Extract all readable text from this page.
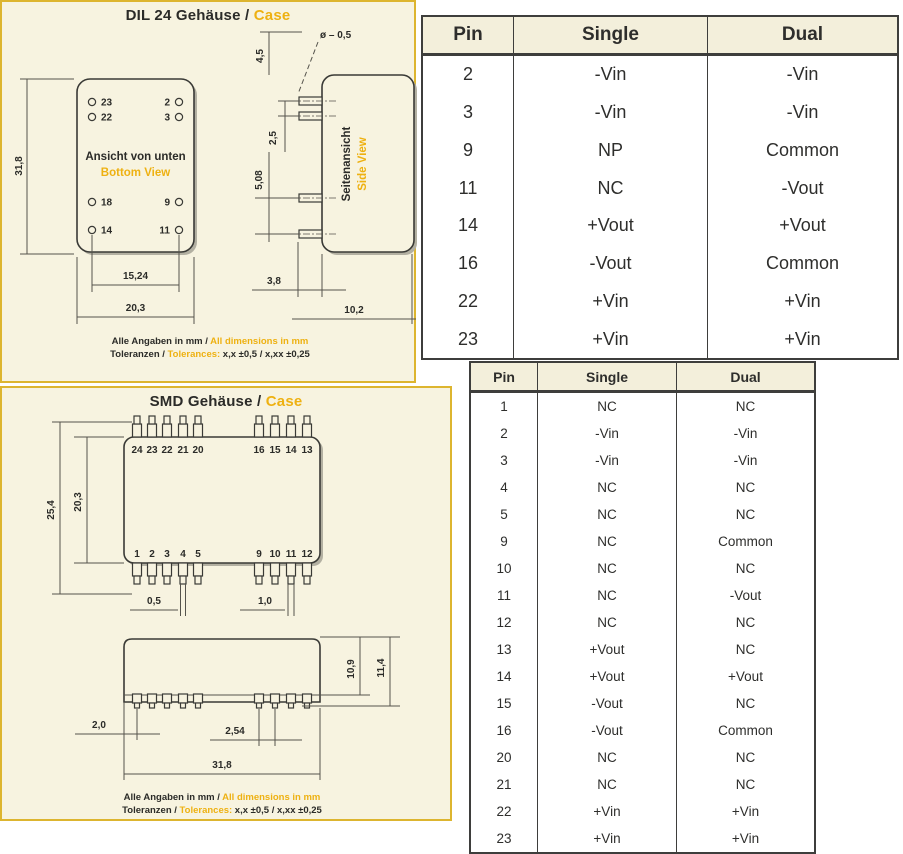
DIL 24 Gehäuse / Case
23	2
22	3
18	9
14	11
Ansicht von unten
Bottom View
31,8
15,24
20,3
ø – 0,5
4,5
2,5
5,08	Seitenansicht Side View
3,8
10,2
Alle Angaben in mm / All dimensions in mm
Toleranzen / Tolerances: x,x ±0,5 / x,xx ±0,25
SMD Gehäuse / Case
24 23 22 21 20	16 15 14 13
1 2 3 4 5	9 10 11 12
25,4 20,3
0,5	1,0
10,9 11,4
2,0
2,54
31,8
Alle Angaben in mm / All dimensions in mm
Toleranzen / Tolerances: x,x ±0,5 / x,xx ±0,25
Pin	Single	Dual
2	-Vin	-Vin
3	-Vin	-Vin
9	NP	Common
11	NC	-Vout
14	+Vout	+Vout
16	-Vout	Common
22	+Vin	+Vin
23	+Vin	+Vin
Pin	Single	Dual
1	NC	NC
2	-Vin	-Vin
3	-Vin	-Vin
4	NC	NC
5	NC	NC
9	NC	Common
10	NC	NC
11	NC	-Vout
12	NC	NC
13	+Vout	NC
14	+Vout	+Vout
15	-Vout	NC
16	-Vout	Common
20	NC	NC
21	NC	NC
22	+Vin	+Vin
23	+Vin	+Vin
